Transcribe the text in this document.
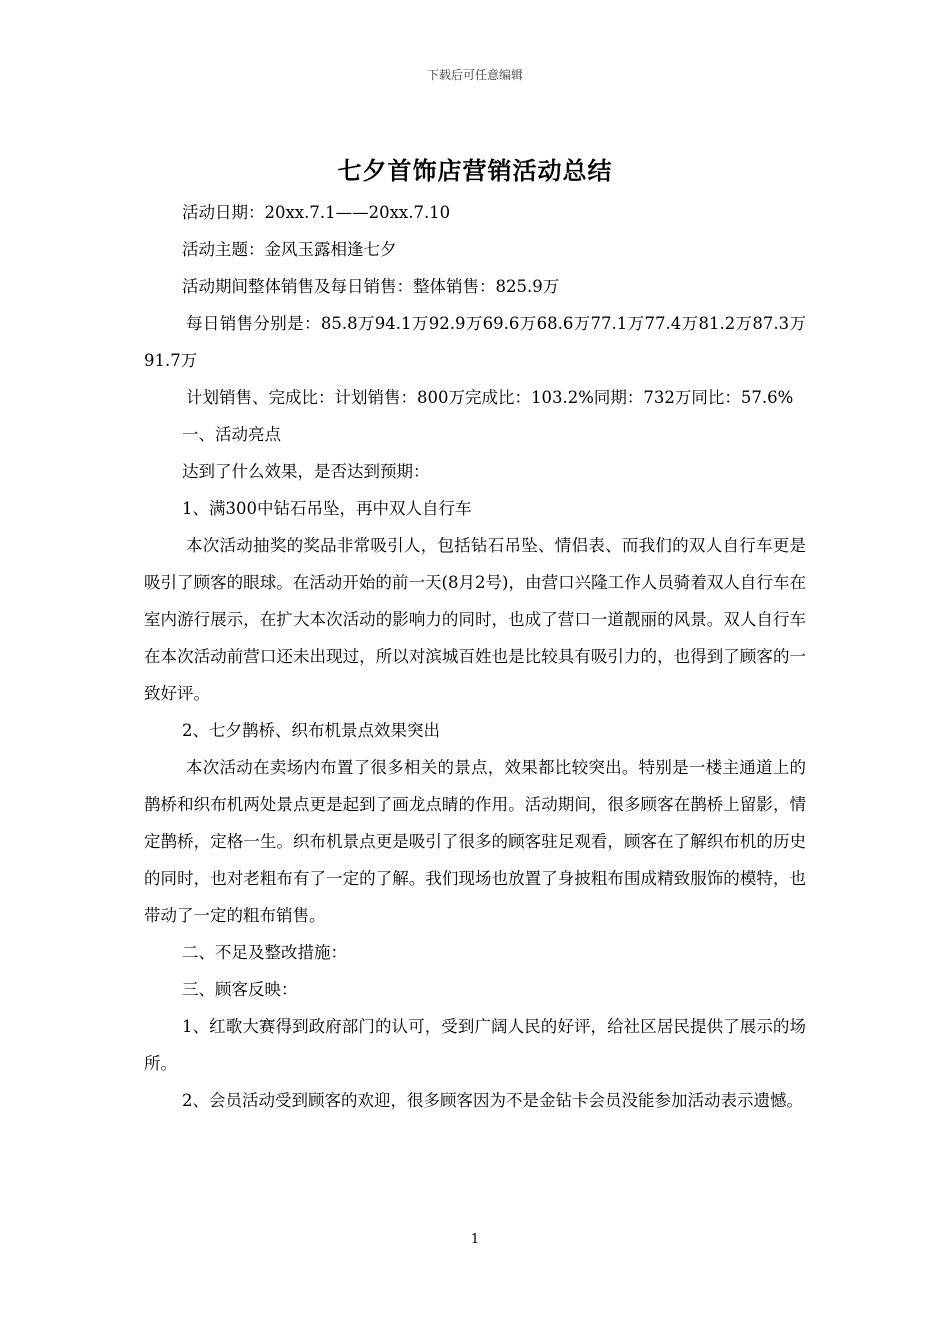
下载后可任意编辑
七夕首饰店营销活动总结

活动日期：20xx.7.1——20xx.7.10

活动主题：金风玉露相逢七夕

活动期间整体销售及每日销售：整体销售：825.9万

每日销售分别是：85.8万94.1万92.9万69.6万68.6万77.1万77.4万81.2万87.3万91.7万

计划销售、完成比：计划销售：800万完成比：103.2%同期：732万同比：57.6%

一、活动亮点

达到了什么效果，是否达到预期：

1、满300中钻石吊坠，再中双人自行车

本次活动抽奖的奖品非常吸引人，包括钻石吊坠、情侣表、而我们的双人自行车更是吸引了顾客的眼球。在活动开始的前一天(8月2号)，由营口兴隆工作人员骑着双人自行车在室内游行展示，在扩大本次活动的影响力的同时，也成了营口一道靓丽的风景。双人自行车在本次活动前营口还未出现过，所以对滨城百姓也是比较具有吸引力的，也得到了顾客的一致好评。

2、七夕鹊桥、织布机景点效果突出

本次活动在卖场内布置了很多相关的景点，效果都比较突出。特别是一楼主通道上的鹊桥和织布机两处景点更是起到了画龙点睛的作用。活动期间，很多顾客在鹊桥上留影，情定鹊桥，定格一生。织布机景点更是吸引了很多的顾客驻足观看，顾客在了解织布机的历史的同时，也对老粗布有了一定的了解。我们现场也放置了身披粗布围成精致服饰的模特，也带动了一定的粗布销售。

二、不足及整改措施：

三、顾客反映：

1、红歌大赛得到政府部门的认可，受到广阔人民的好评，给社区居民提供了展示的场所。

2、会员活动受到顾客的欢迎，很多顾客因为不是金钻卡会员没能参加活动表示遗憾。

1
